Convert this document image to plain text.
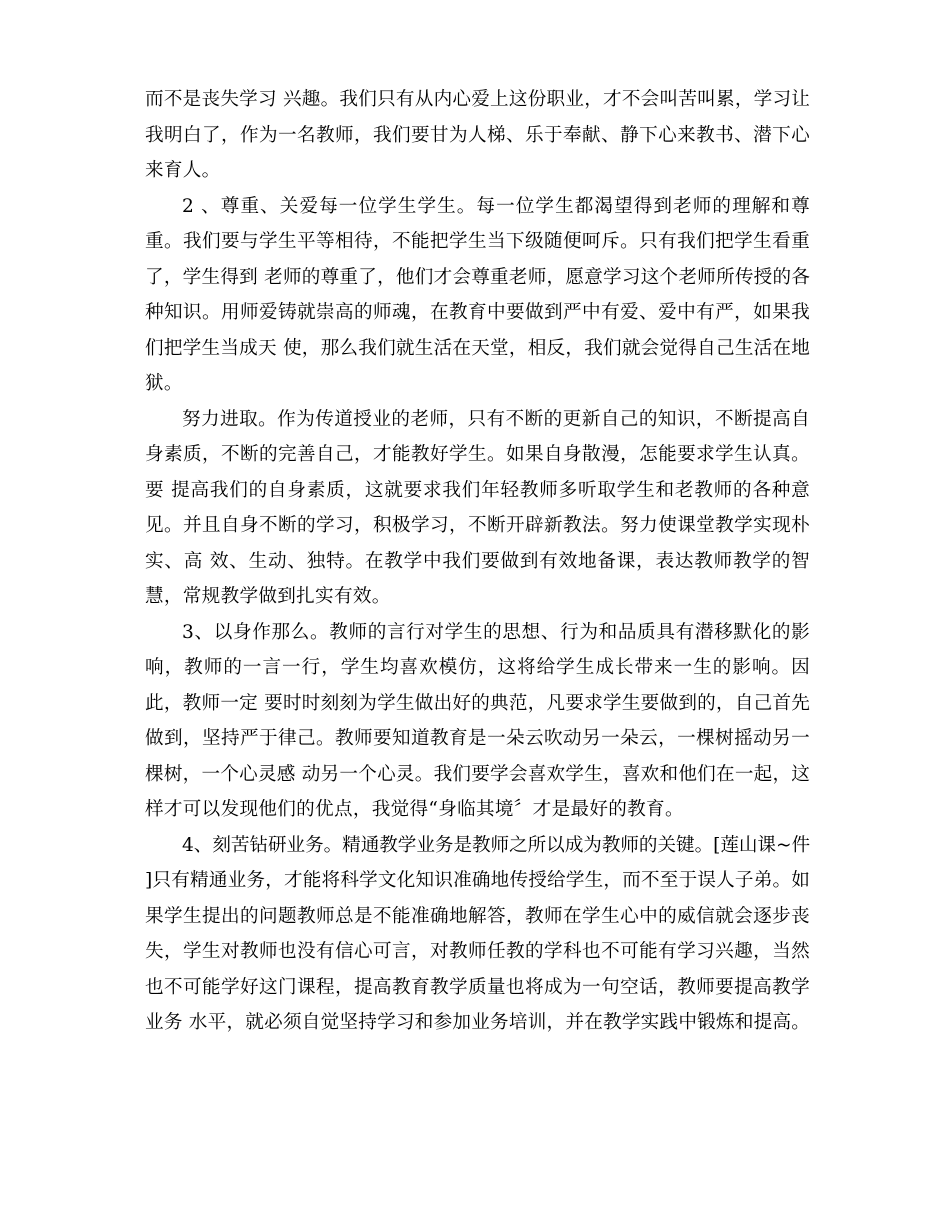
而不是丧失学习 兴趣。我们只有从内心爱上这份职业，才不会叫苦叫累，学习让
我明白了，作为一名教师，我们要甘为人梯、乐于奉献、静下心来教书、潜下心
来育人。
2 、尊重、关爱每一位学生学生。每一位学生都渴望得到老师的理解和尊
重。我们要与学生平等相待，不能把学生当下级随便呵斥。只有我们把学生看重
了，学生得到 老师的尊重了，他们才会尊重老师，愿意学习这个老师所传授的各
种知识。用师爱铸就崇高的师魂，在教育中要做到严中有爱、爱中有严，如果我
们把学生当成天 使，那么我们就生活在天堂，相反，我们就会觉得自己生活在地
狱。
努力进取。作为传道授业的老师，只有不断的更新自己的知识，不断提高自
身素质，不断的完善自己，才能教好学生。如果自身散漫，怎能要求学生认真。
要 提高我们的自身素质，这就要求我们年轻教师多听取学生和老教师的各种意
见。并且自身不断的学习，积极学习，不断开辟新教法。努力使课堂教学实现朴
实、高 效、生动、独特。在教学中我们要做到有效地备课，表达教师教学的智
慧，常规教学做到扎实有效。
3、以身作那么。教师的言行对学生的思想、行为和品质具有潜移默化的影
响，教师的一言一行，学生均喜欢模仿，这将给学生成长带来一生的影响。因
此，教师一定 要时时刻刻为学生做出好的典范，凡要求学生要做到的，自己首先
做到，坚持严于律己。教师要知道教育是一朵云吹动另一朵云，一棵树摇动另一
棵树，一个心灵感 动另一个心灵。我们要学会喜欢学生，喜欢和他们在一起，这
样才可以发现他们的优点，我觉得“身临其境〞才是最好的教育。
4、刻苦钻研业务。精通教学业务是教师之所以成为教师的关键。[莲山课~件
]只有精通业务，才能将科学文化知识准确地传授给学生，而不至于误人子弟。如
果学生提出的问题教师总是不能准确地解答，教师在学生心中的威信就会逐步丧
失，学生对教师也没有信心可言，对教师任教的学科也不可能有学习兴趣，当然
也不可能学好这门课程，提高教育教学质量也将成为一句空话，教师要提高教学
业务 水平，就必须自觉坚持学习和参加业务培训，并在教学实践中锻炼和提高。
